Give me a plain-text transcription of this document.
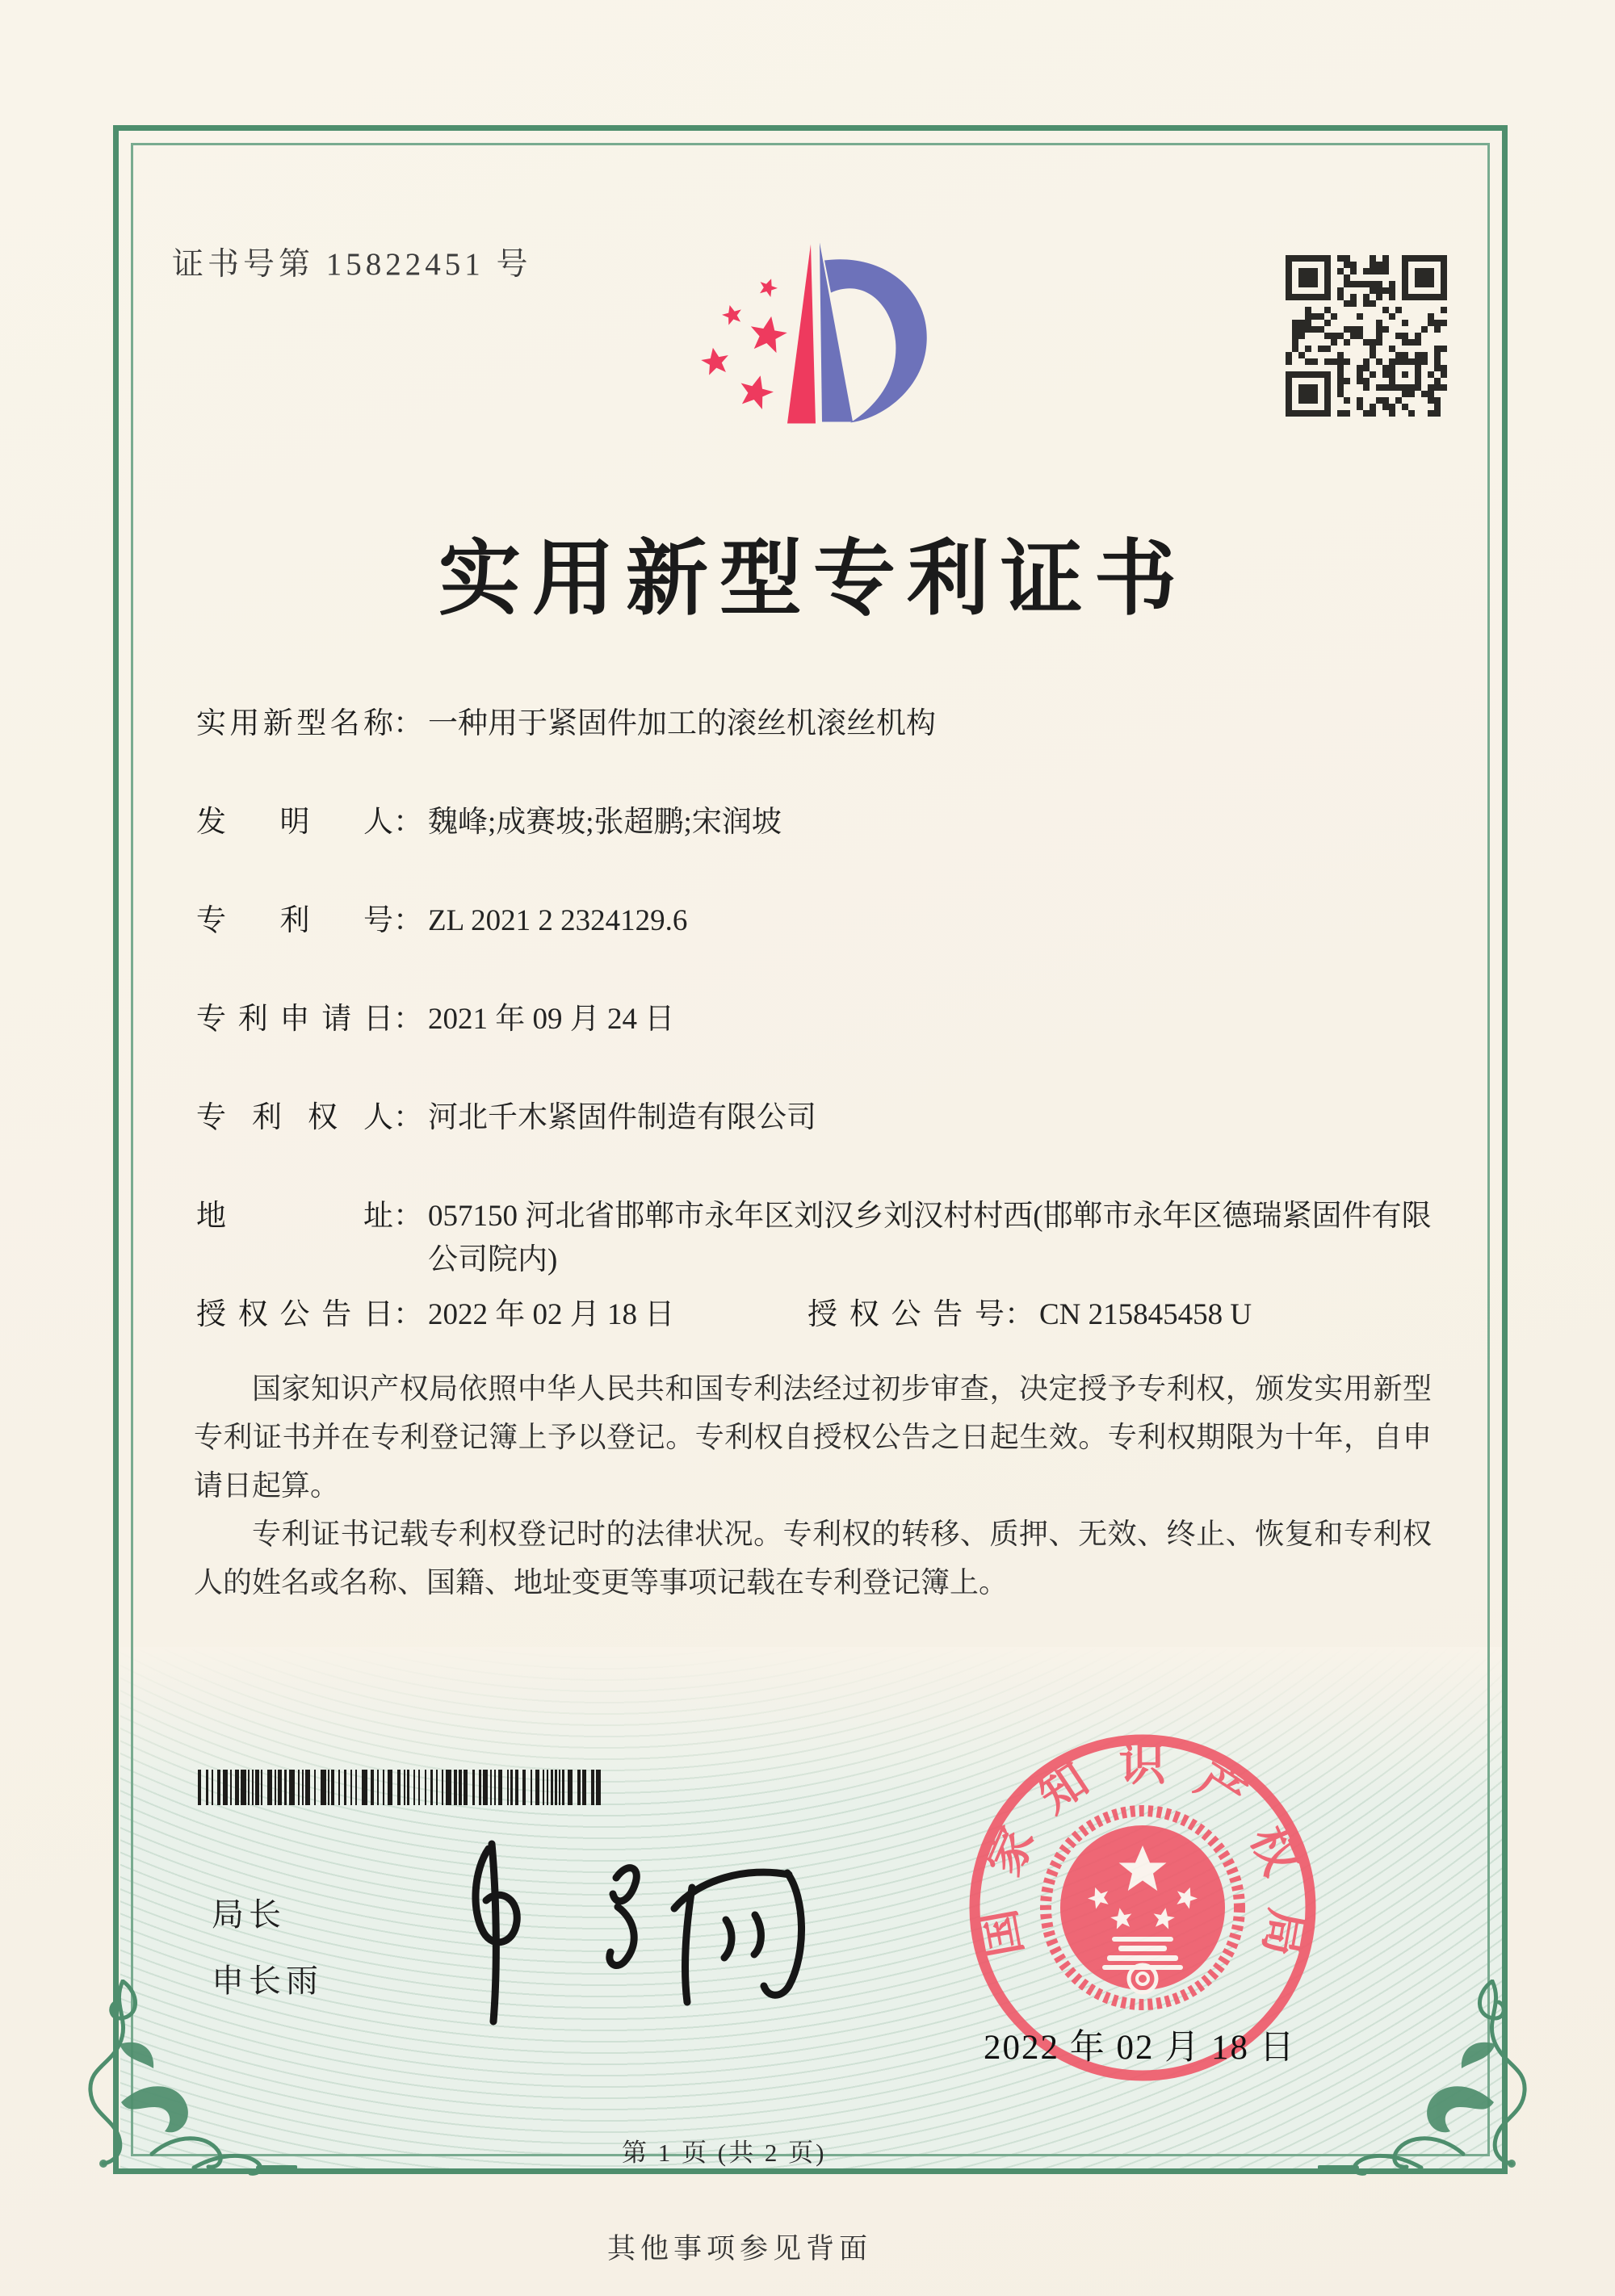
证书号第 15822451 号
实用新型专利证书
实用新型名称 ： 一种用于紧固件加工的滚丝机滚丝机构
发明人 ： 魏峰;成赛坡;张超鹏;宋润坡
专利号 ： ZL 2021 2 2324129.6
专利申请日 ： 2021 年 09 月 24 日
专利权人 ： 河北千木紧固件制造有限公司
地址 ： 057150 河北省邯郸市永年区刘汉乡刘汉村村西(邯郸市永年区德瑞紧固件有限公司院内)
授权公告日 ： 2022 年 02 月 18 日	授权公告号 ： CN 215845458 U

国家知识产权局依照中华人民共和国专利法经过初步审查，决定授予专利权，颁发实用新型专利证书并在专利登记簿上予以登记。专利权自授权公告之日起生效。专利权期限为十年，自申请日起算。

专利证书记载专利权登记时的法律状况。专利权的转移、质押、无效、终止、恢复和专利权人的姓名或名称、国籍、地址变更等事项记载在专利登记簿上。

局长
申长雨
国家知识产权局
2022 年 02 月 18 日
第 1 页 (共 2 页)
其他事项参见背面
